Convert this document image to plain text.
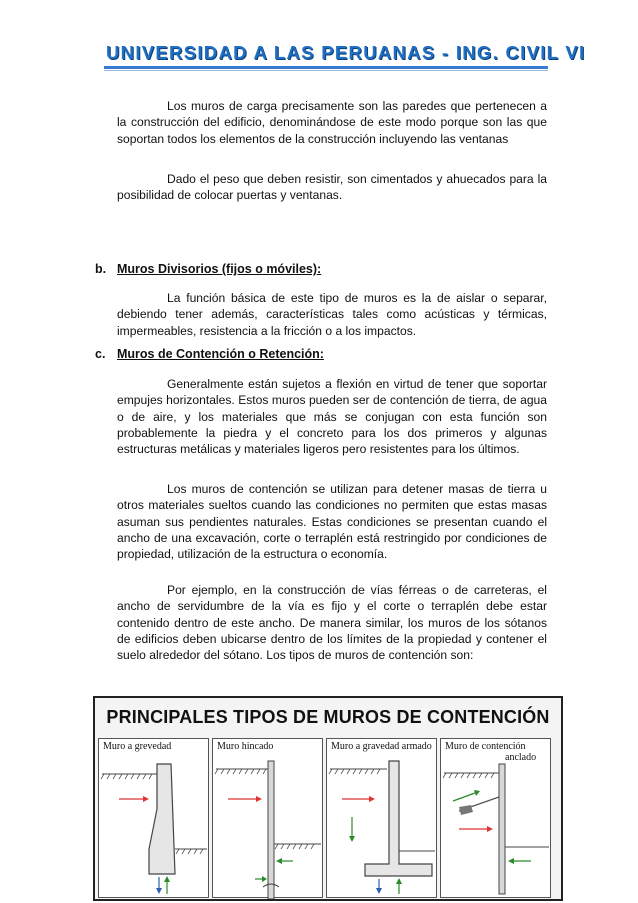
UNIVERSIDAD A LAS PERUANAS - ING. CIVIL VI
Los muros de carga precisamente son las paredes que pertenecen a la construcción del edificio, denominándose de este modo porque son las que soportan todos los elementos de la construcción incluyendo las ventanas
Dado el peso que deben resistir, son cimentados y ahuecados para la posibilidad de colocar puertas y ventanas.
b. Muros Divisorios (fijos o móviles):
La función básica de este tipo de muros es la de aislar o separar, debiendo tener además, características tales como acústicas y térmicas, impermeables, resistencia a la fricción o a los impactos.
c. Muros de Contención o Retención:
Generalmente están sujetos a flexión en virtud de tener que soportar empujes horizontales. Estos muros pueden ser de contención de tierra, de agua o de aire, y los materiales que más se conjugan con esta función son probablemente la piedra y el concreto para los dos primeros y algunas estructuras metálicas y materiales ligeros pero resistentes para los últimos.
Los muros de contención se utilizan para detener masas de tierra u otros materiales sueltos cuando las condiciones no permiten que estas masas asuman sus pendientes naturales. Estas condiciones se presentan cuando el ancho de una excavación, corte o terraplén está restringido por condiciones de propiedad, utilización de la estructura o economía.
Por ejemplo, en la construcción de vías férreas o de carreteras, el ancho de servidumbre de la vía es fijo y el corte o terraplén debe estar contenido dentro de este ancho. De manera similar, los muros de los sótanos de edificios deben ubicarse dentro de los límites de la propiedad y contener el suelo alrededor del sótano. Los tipos de muros de contención son:
PRINCIPALES TIPOS DE MUROS DE CONTENCIÓN
Muro a grevedad	Muro hincado	Muro a gravedad armado Muro de contención
anclado
